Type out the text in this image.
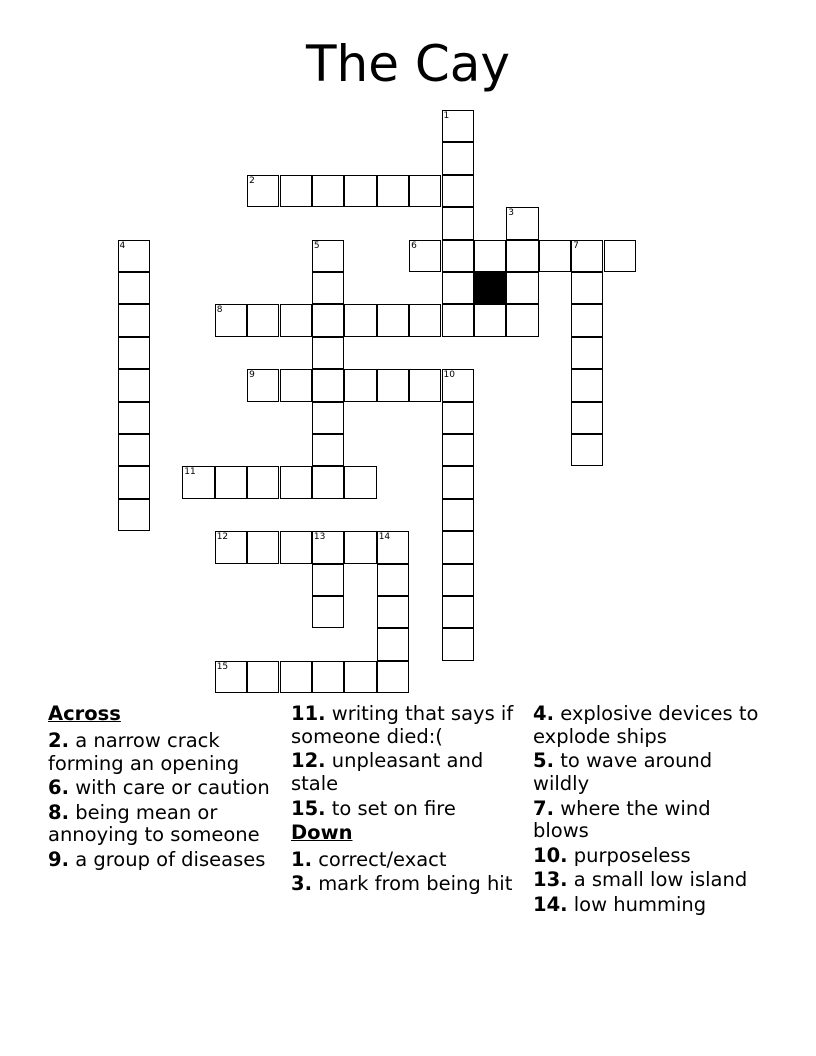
The Cay
1
2
3
4	5	6	7
8
9	10
11
12	13	14
15
Across
2. a narrow crack forming an opening
6. with care or caution
8. being mean or annoying to someone
9. a group of diseases
11. writing that says if someone died:(
12. unpleasant and stale
15. to set on fire
Down
1. correct/exact
3. mark from being hit
4. explosive devices to explode ships
5. to wave around wildly
7. where the wind blows
10. purposeless
13. a small low island
14. low humming
